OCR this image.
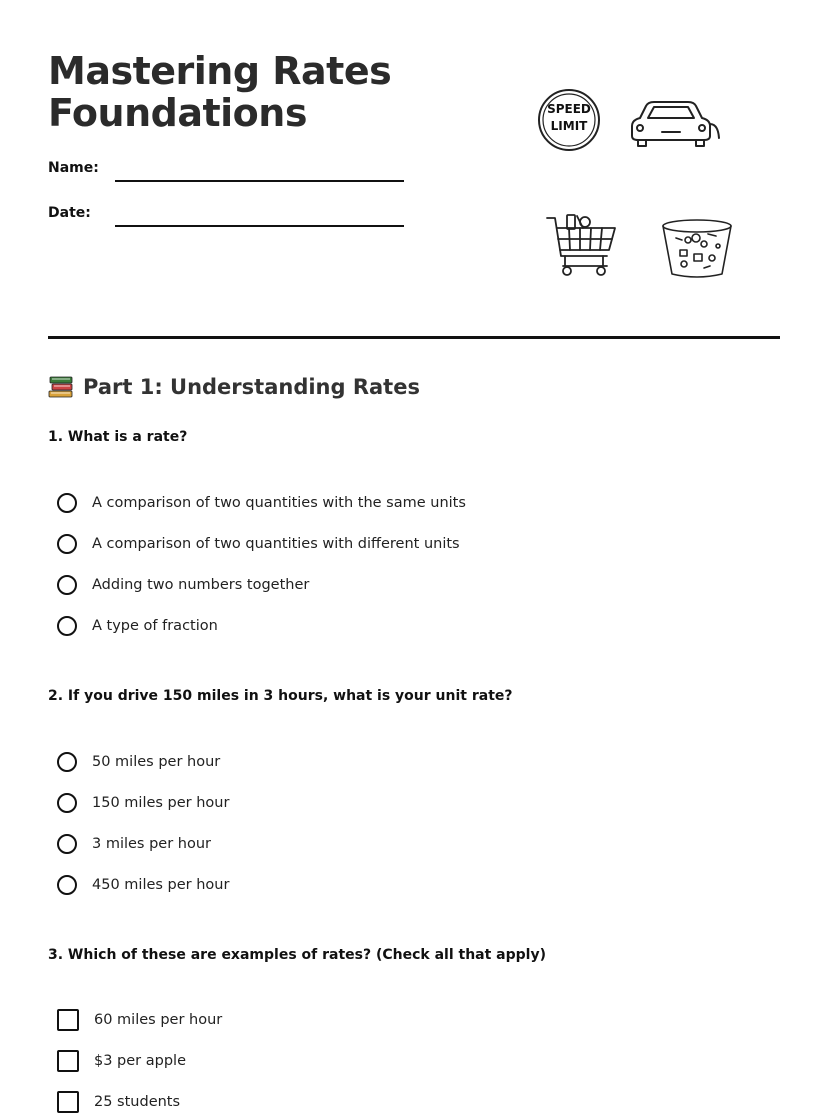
Mastering Rates
Foundations
Name:
Date:
SPEED
LIMIT
Part 1: Understanding Rates
1. What is a rate?
A comparison of two quantities with the same units
A comparison of two quantities with different units
Adding two numbers together
A type of fraction
2. If you drive 150 miles in 3 hours, what is your unit rate?
50 miles per hour
150 miles per hour
3 miles per hour
450 miles per hour
3. Which of these are examples of rates? (Check all that apply)
60 miles per hour
$3 per apple
25 students
